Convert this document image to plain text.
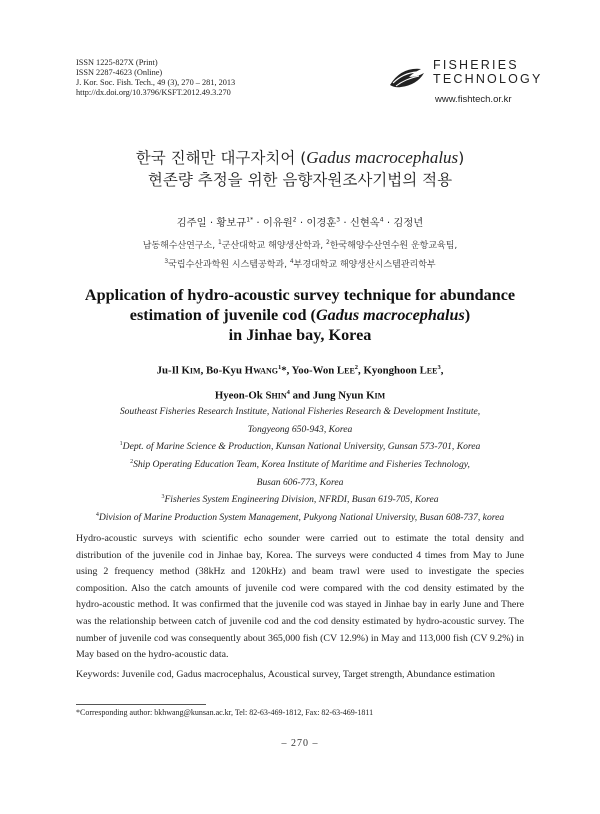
ISSN 1225-827X (Print)
ISSN 2287-4623 (Online)
J. Kor. Soc. Fish. Tech., 49 (3), 270 – 281, 2013
http://dx.doi.org/10.3796/KSFT.2012.49.3.270
FISHERIES
TECHNOLOGY
www.fishtech.or.kr
한국 진해만 대구자치어 (Gadus macrocephalus)
현존량 추정을 위한 음향자원조사기법의 적용
김주일 · 황보규$^{1*}$ · 이유원$^2$ · 이경훈$^3$ · 신현옥$^4$ · 김정년
남동해수산연구소, $^1$군산대학교 해양생산학과, $^2$한국해양수산연수원 운항교육팀,
$^3$국립수산과학원 시스템공학과, $^4$부경대학교 해양생산시스템관리학부
Application of hydro-acoustic survey technique for abundance
estimation of juvenile cod (Gadus macrocephalus)
in Jinhae bay, Korea
Ju-Il Kim, Bo-Kyu Hwang$^1$*, Yoo-Won Lee$^2$, Kyonghoon Lee$^3$,
Hyeon-Ok Shin$^4$ and Jung Nyun Kim
Southeast Fisheries Research Institute, National Fisheries Research & Development Institute,
Tongyeong 650-943, Korea
$^1$Dept. of Marine Science & Production, Kunsan National University, Gunsan 573-701, Korea
$^2$Ship Operating Education Team, Korea Institute of Maritime and Fisheries Technology,
Busan 606-773, Korea
$^3$Fisheries System Engineering Division, NFRDI, Busan 619-705, Korea
$^4$Division of Marine Production System Management, Pukyong National University, Busan 608-737, korea
Hydro-acoustic surveys with scientific echo sounder were carried out to estimate the total density and distribution of the juvenile cod in Jinhae bay, Korea. The surveys were conducted 4 times from May to June using 2 frequency method (38kHz and 120kHz) and beam trawl were used to investigate the species composition. Also the catch amounts of juvenile cod were compared with the cod density estimated by the hydro-acoustic method. It was confirmed that the juvenile cod was stayed in Jinhae bay in early June and There was the relationship between catch of juvenile cod and the cod density estimated by hydro-acoustic survey. The number of juvenile cod was consequently about 365,000 fish (CV 12.9%) in May and 113,000 fish (CV 9.2%) in May based on the hydro-acoustic data.
Keywords: Juvenile cod, Gadus macrocephalus, Acoustical survey, Target strength, Abundance estimation
*Corresponding author: bkhwang@kunsan.ac.kr, Tel: 82-63-469-1812, Fax: 82-63-469-1811
– 270 –
